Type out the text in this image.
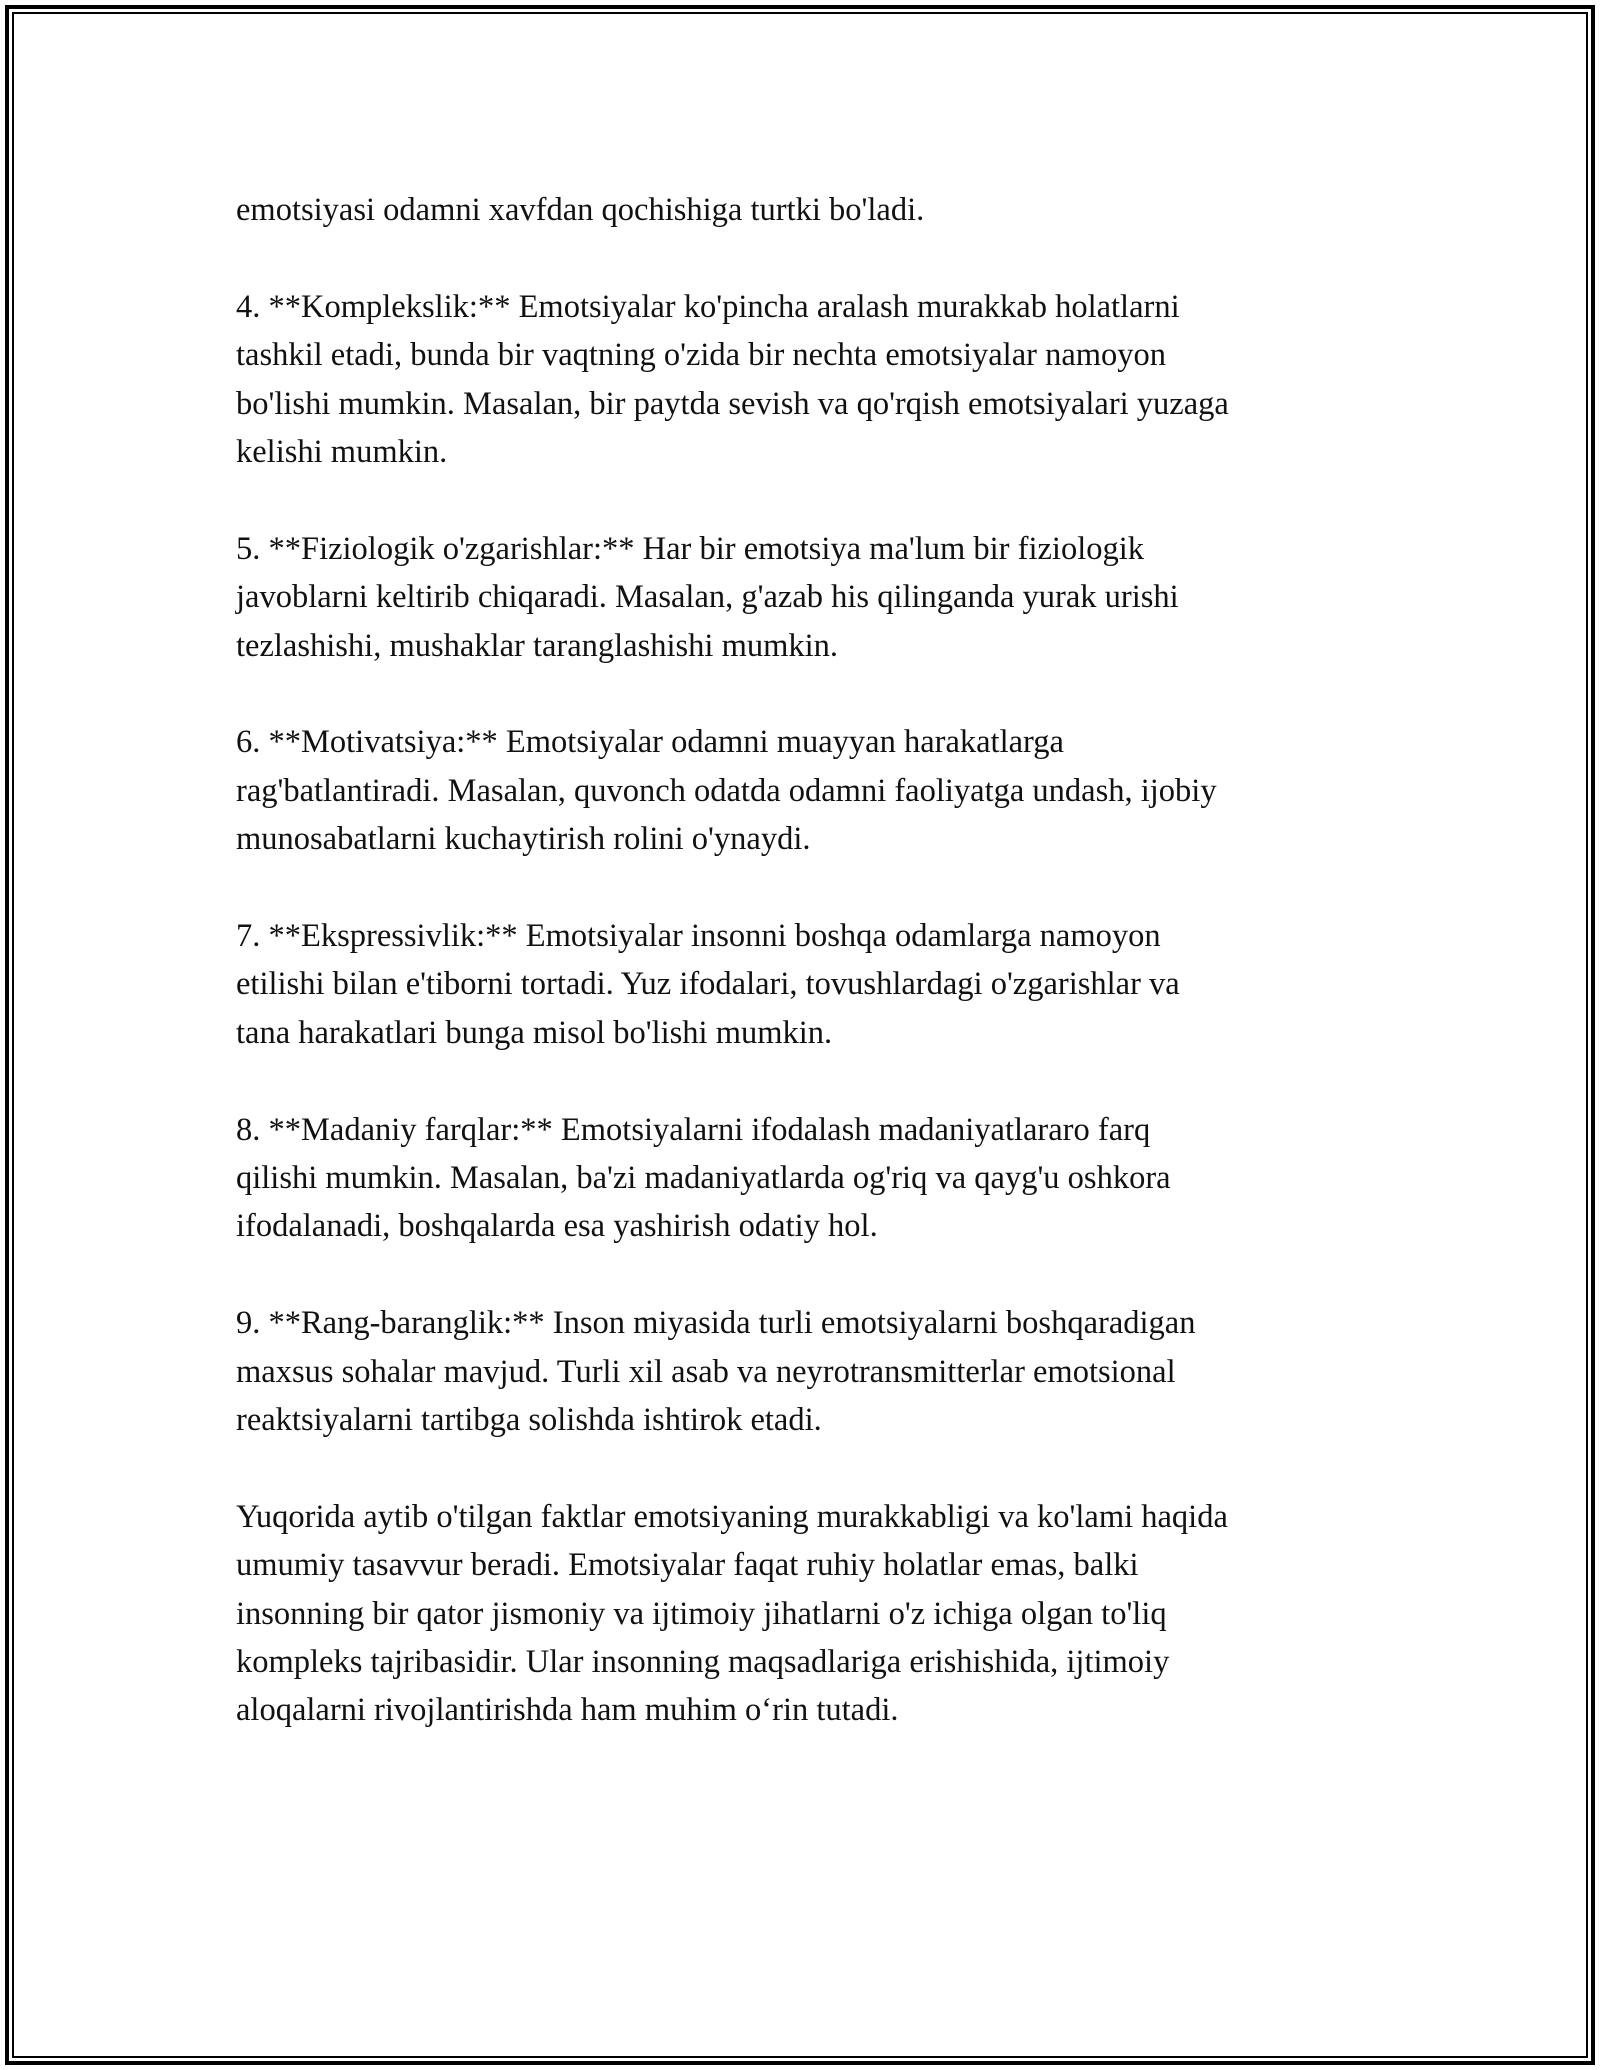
emotsiyasi odamni xavfdan qochishiga turtki bo'ladi.

4. **Komplekslik:** Emotsiyalar ko'pincha aralash murakkab holatlarni
tashkil etadi, bunda bir vaqtning o'zida bir nechta emotsiyalar namoyon
bo'lishi mumkin. Masalan, bir paytda sevish va qo'rqish emotsiyalari yuzaga
kelishi mumkin.

5. **Fiziologik o'zgarishlar:** Har bir emotsiya ma'lum bir fiziologik
javoblarni keltirib chiqaradi. Masalan, g'azab his qilinganda yurak urishi
tezlashishi, mushaklar taranglashishi mumkin.

6. **Motivatsiya:** Emotsiyalar odamni muayyan harakatlarga
rag'batlantiradi. Masalan, quvonch odatda odamni faoliyatga undash, ijobiy
munosabatlarni kuchaytirish rolini o'ynaydi.

7. **Ekspressivlik:** Emotsiyalar insonni boshqa odamlarga namoyon
etilishi bilan e'tiborni tortadi. Yuz ifodalari, tovushlardagi o'zgarishlar va
tana harakatlari bunga misol bo'lishi mumkin.

8. **Madaniy farqlar:** Emotsiyalarni ifodalash madaniyatlararo farq
qilishi mumkin. Masalan, ba'zi madaniyatlarda og'riq va qayg'u oshkora
ifodalanadi, boshqalarda esa yashirish odatiy hol.

9. **Rang-baranglik:** Inson miyasida turli emotsiyalarni boshqaradigan
maxsus sohalar mavjud. Turli xil asab va neyrotransmitterlar emotsional
reaktsiyalarni tartibga solishda ishtirok etadi.

Yuqorida aytib o'tilgan faktlar emotsiyaning murakkabligi va ko'lami haqida
umumiy tasavvur beradi. Emotsiyalar faqat ruhiy holatlar emas, balki
insonning bir qator jismoniy va ijtimoiy jihatlarni o'z ichiga olgan to'liq
kompleks tajribasidir. Ular insonning maqsadlariga erishishida, ijtimoiy
aloqalarni rivojlantirishda ham muhim o‘rin tutadi.
